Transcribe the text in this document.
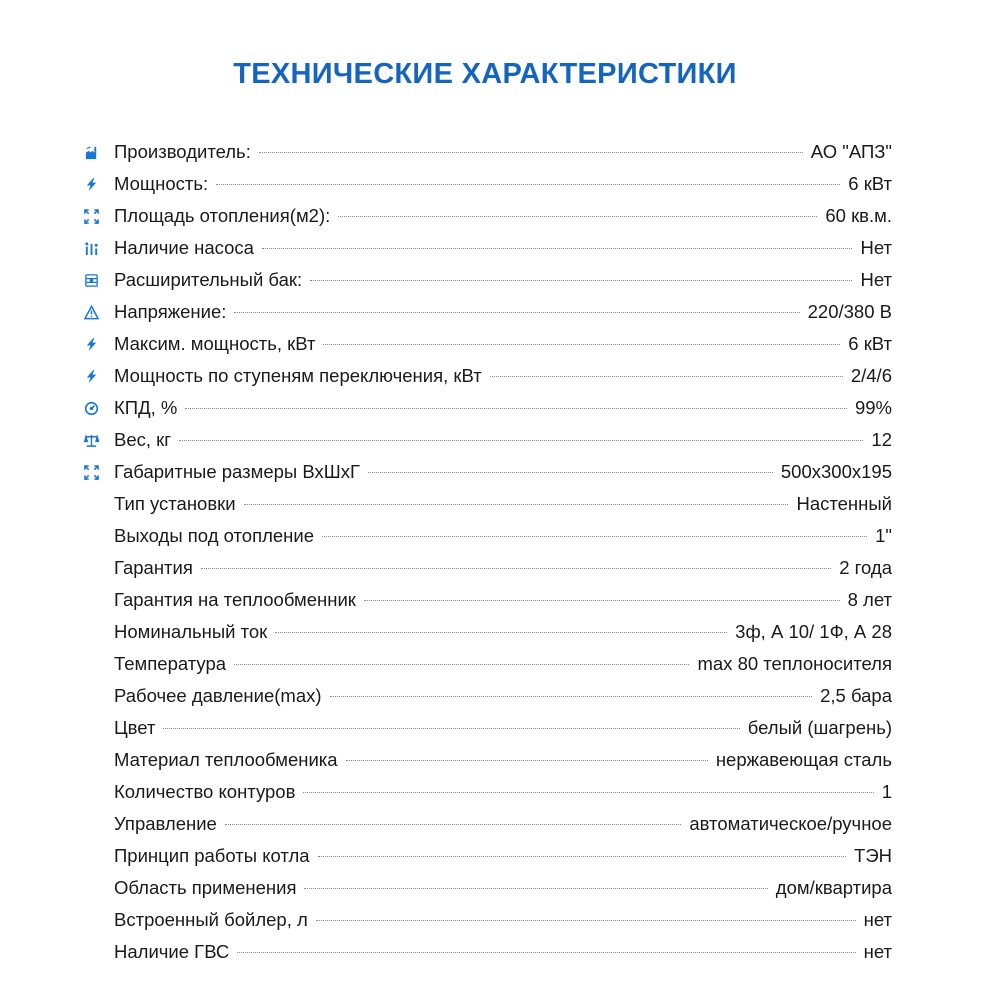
ТЕХНИЧЕСКИЕ ХАРАКТЕРИСТИКИ
Производитель:	АО "АПЗ"
Мощность:	6 кВт
Площадь отопления(м2):	60 кв.м.
Наличие насоса	Нет
Расширительный бак:	Нет
Напряжение:	220/380 В
Максим. мощность, кВт	6 кВт
Мощность по ступеням переключения, кВт	2/4/6
КПД, %	99%
Вес, кг	12
Габаритные размеры ВхШхГ	500x300x195
Тип установки	Настенный
Выходы под отопление	1"
Гарантия	2 года
Гарантия на теплообменник	8 лет
Номинальный ток	3ф, А 10/ 1Ф, А 28
Температура	max 80 теплоносителя
Рабочее давление(max)	2,5 бара
Цвет	белый (шагрень)
Материал теплообменика	нержавеющая сталь
Количество контуров	1
Управление	автоматическое/ручное
Принцип работы котла	ТЭН
Область применения	дом/квартира
Встроенный бойлер, л	нет
Наличие ГВС	нет
